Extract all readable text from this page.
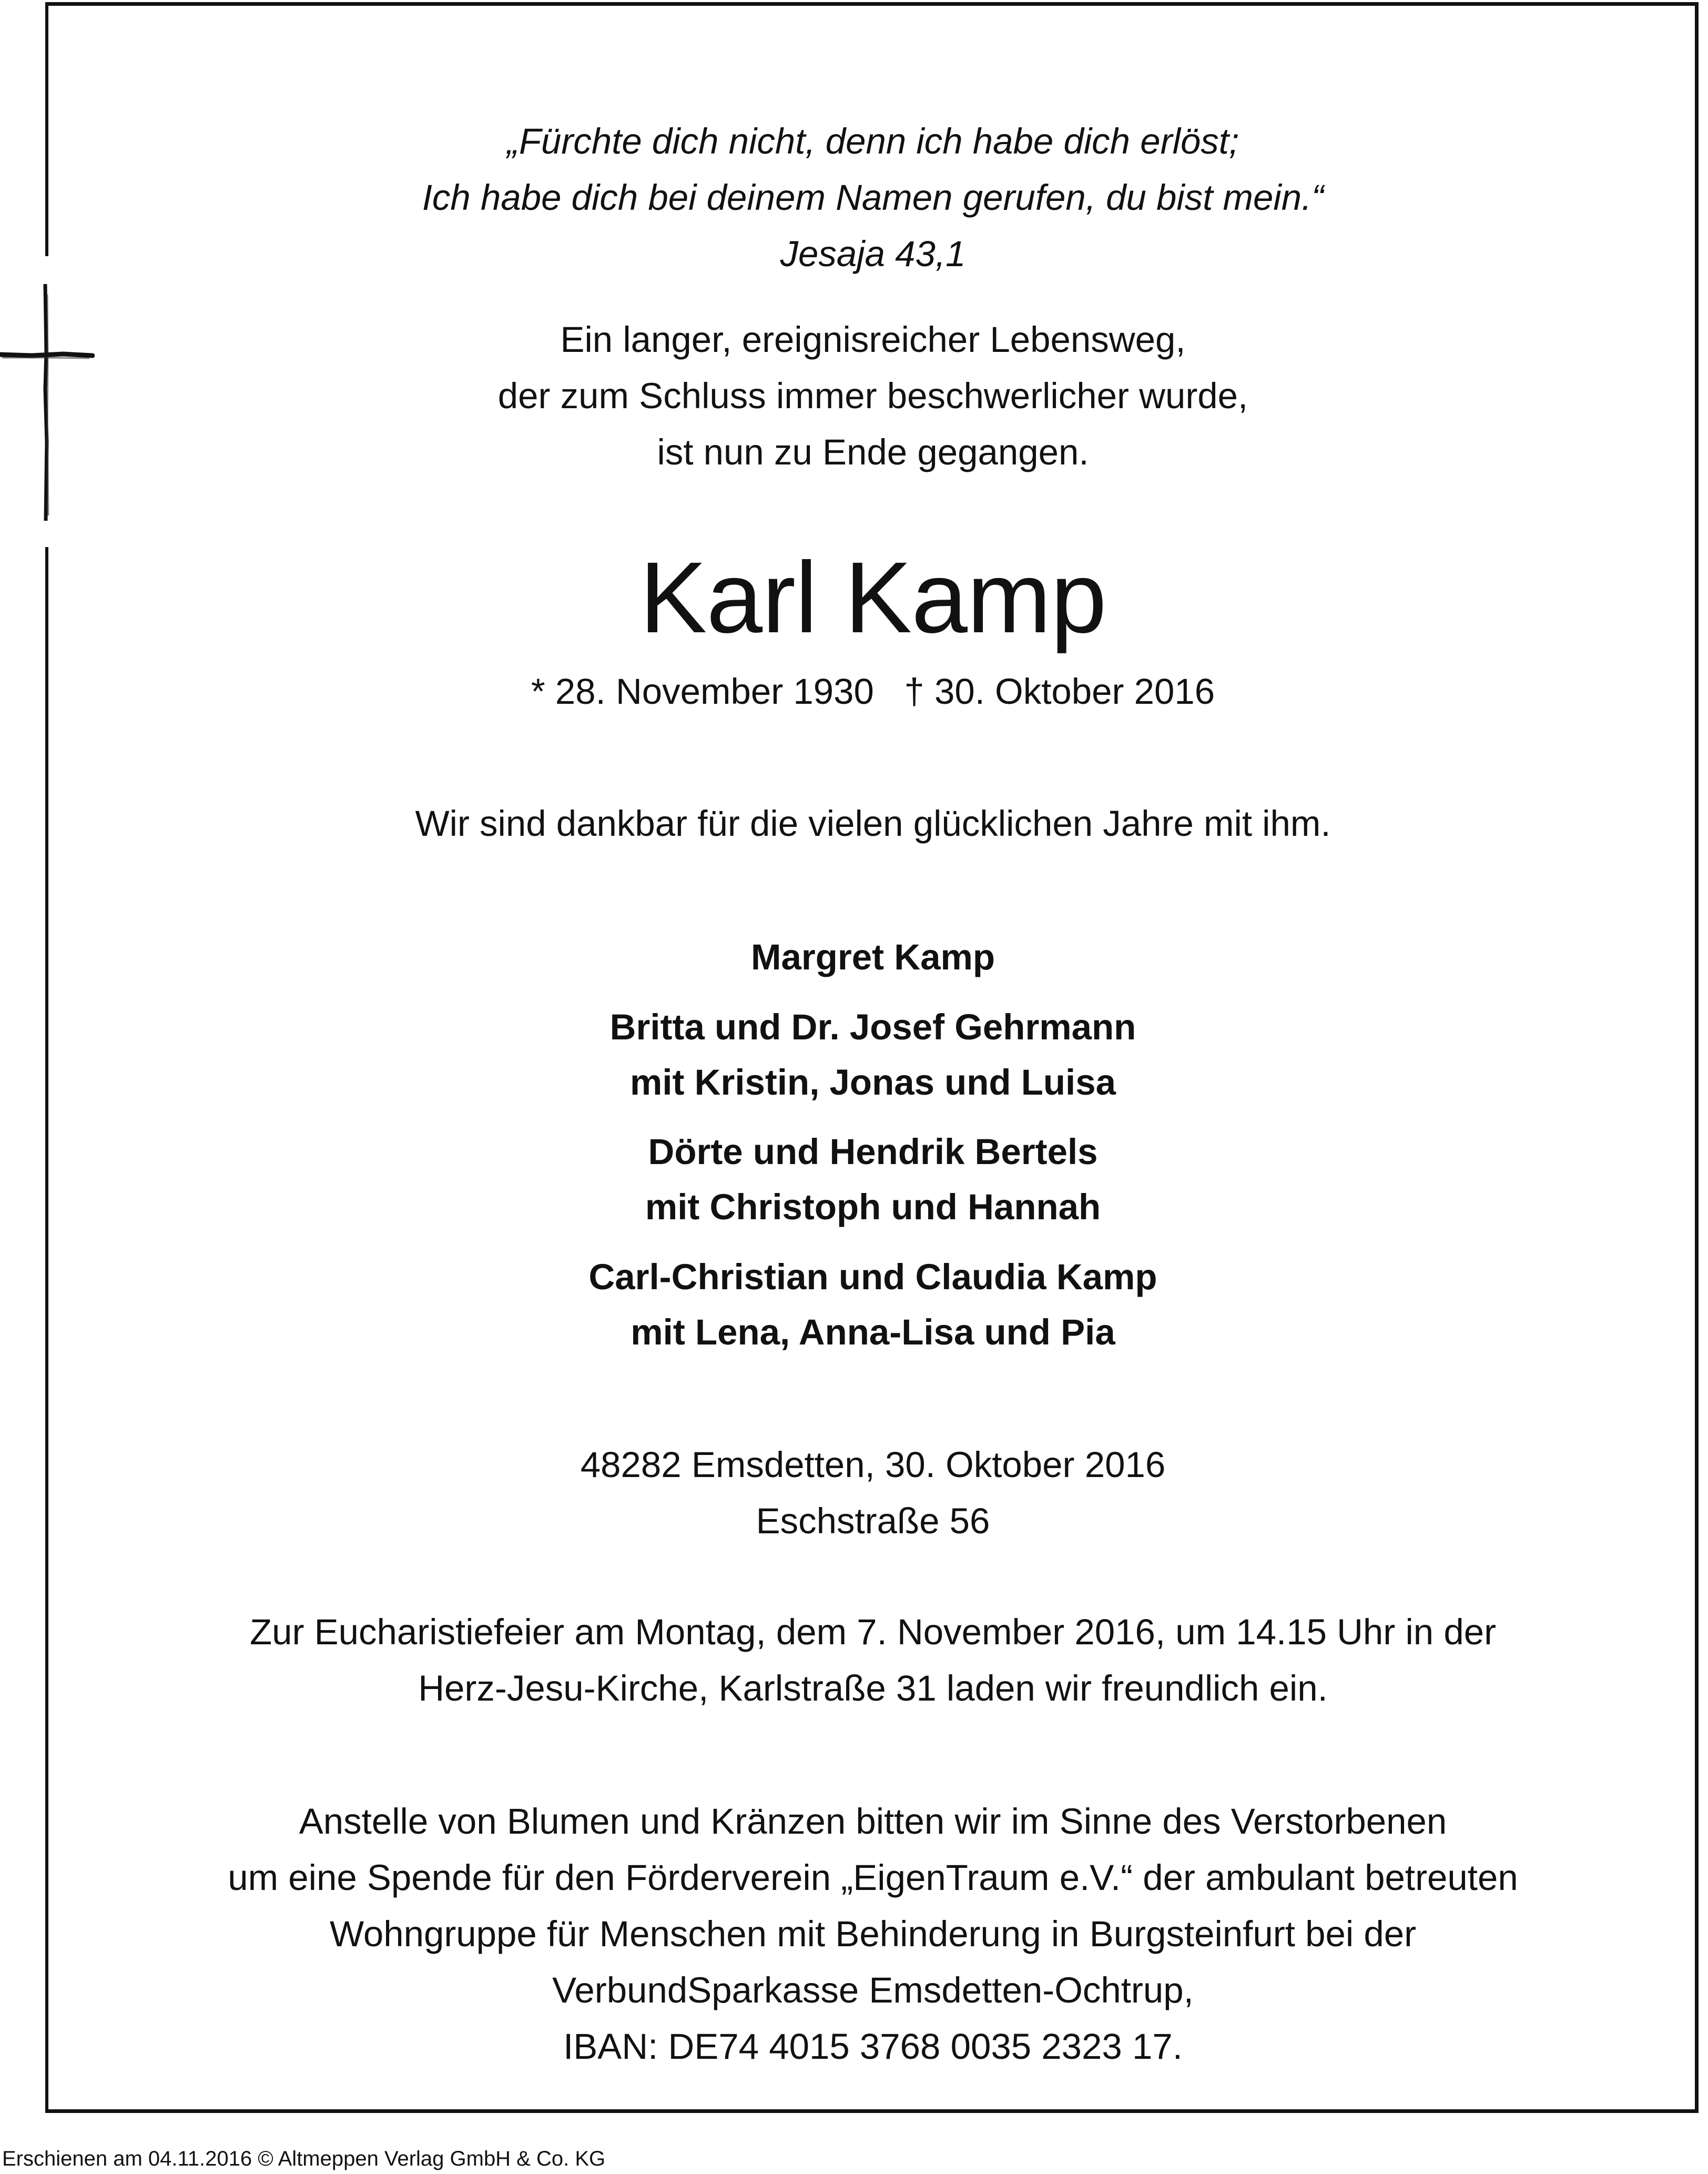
„Fürchte dich nicht, denn ich habe dich erlöst;
Ich habe dich bei deinem Namen gerufen, du bist mein.“
Jesaja 43,1
Ein langer, ereignisreicher Lebensweg,
der zum Schluss immer beschwerlicher wurde,
ist nun zu Ende gegangen.
Karl Kamp
* 28. November 1930   † 30. Oktober 2016
Wir sind dankbar für die vielen glücklichen Jahre mit ihm.
Margret Kamp
Britta und Dr. Josef Gehrmann
mit Kristin, Jonas und Luisa
Dörte und Hendrik Bertels
mit Christoph und Hannah
Carl-Christian und Claudia Kamp
mit Lena, Anna-Lisa und Pia
48282 Emsdetten, 30. Oktober 2016
Eschstraße 56
Zur Eucharistiefeier am Montag, dem 7. November 2016, um 14.15 Uhr in der
Herz-Jesu-Kirche, Karlstraße 31 laden wir freundlich ein.
Anstelle von Blumen und Kränzen bitten wir im Sinne des Verstorbenen
um eine Spende für den Förderverein „EigenTraum e.V.“ der ambulant betreuten
Wohngruppe für Menschen mit Behinderung in Burgsteinfurt bei der
VerbundSparkasse Emsdetten-Ochtrup,
IBAN: DE74 4015 3768 0035 2323 17.
Erschienen am 04.11.2016 © Altmeppen Verlag GmbH & Co. KG
